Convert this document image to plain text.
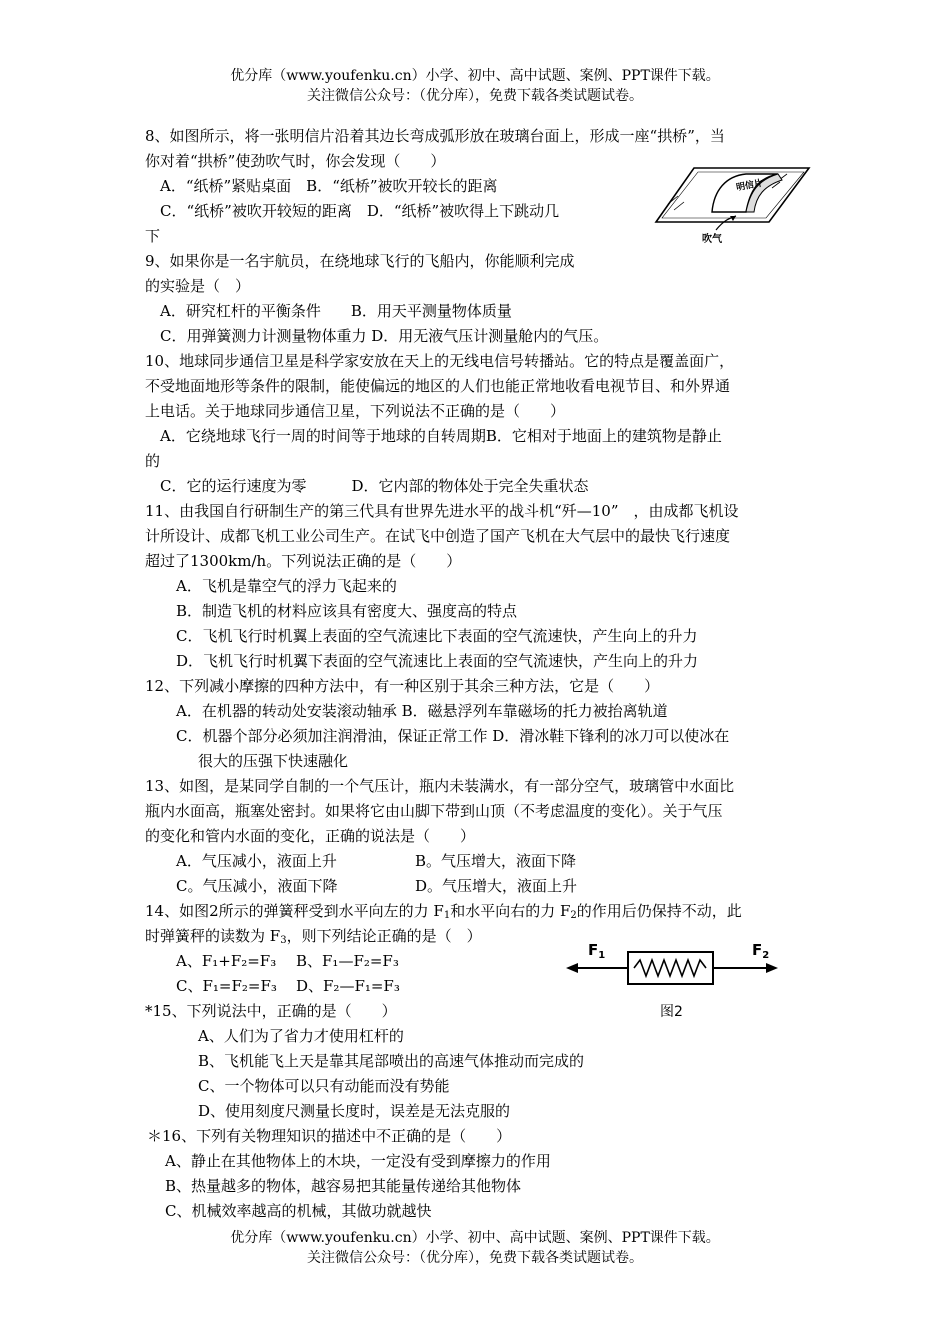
优分库（www.youfenku.cn）小学、初中、高中试题、案例、PPT课件下载。
关注微信公众号：（优分库），免费下载各类试题试卷。
8、如图所示，将一张明信片沿着其边长弯成弧形放在玻璃台面上，形成一座“拱桥”，当
你对着“拱桥”使劲吹气时，你会发现（　　）
A．“纸桥”紧贴桌面　B．“纸桥”被吹开较长的距离
C．“纸桥”被吹开较短的距离　D．“纸桥”被吹得上下跳动几
下
明信片
吹气
9、如果你是一名宇航员，在绕地球飞行的飞船内，你能顺利完成
的实验是（　）
A．研究杠杆的平衡条件　　B．用天平测量物体质量
C．用弹簧测力计测量物体重力 D．用无液气压计测量舱内的气压。
10、地球同步通信卫星是科学家安放在天上的无线电信号转播站。它的特点是覆盖面广，
不受地面地形等条件的限制，能使偏远的地区的人们也能正常地收看电视节目、和外界通
上电话。关于地球同步通信卫星，下列说法不正确的是（　　）
A．它绕地球飞行一周的时间等于地球的自转周期B．它相对于地面上的建筑物是静止
的
C．它的运行速度为零　　　D．它内部的物体处于完全失重状态
11、由我国自行研制生产的第三代具有世界先进水平的战斗机“歼—10”　，由成都飞机设
计所设计、成都飞机工业公司生产。在试飞中创造了国产飞机在大气层中的最快飞行速度
超过了1300km/h。下列说法正确的是（　　）
A．飞机是靠空气的浮力飞起来的
B．制造飞机的材料应该具有密度大、强度高的特点
C．飞机飞行时机翼上表面的空气流速比下表面的空气流速快，产生向上的升力
D．飞机飞行时机翼下表面的空气流速比上表面的空气流速快，产生向上的升力
12、下列减小摩擦的四种方法中，有一种区别于其余三种方法，它是（　　）
A．在机器的转动处安装滚动轴承 B．磁悬浮列车靠磁场的托力被抬离轨道
C．机器个部分必须加注润滑油，保证正常工作 D．滑冰鞋下锋利的冰刀可以使冰在
很大的压强下快速融化
13、如图，是某同学自制的一个气压计，瓶内未装满水，有一部分空气，玻璃管中水面比
瓶内水面高，瓶塞处密封。如果将它由山脚下带到山顶（不考虑温度的变化）。关于气压
的变化和管内水面的变化，正确的说法是（　　）
A．气压减小，液面上升	B。气压增大，液面下降
C。气压减小，液面下降	D。气压增大，液面上升
14、如图2所示的弹簧秤受到水平向左的力 $F_1$和水平向右的力 $F_2$的作用后仍保持不动，此
时弹簧秤的读数为 $F_3$，则下列结论正确的是（　）
A、F₁+F₂=F₃ B、F₁—F₂=F₃
C、F₁=F₂=F₃ D、F₂—F₁=F₃
$F_1$	$F_2$
图2
*15、下列说法中，正确的是（　　）
A、人们为了省力才使用杠杆的
B、飞机能飞上天是靠其尾部喷出的高速气体推动而完成的
C、一个物体可以只有动能而没有势能
D、使用刻度尺测量长度时，误差是无法克服的
＊16、下列有关物理知识的描述中不正确的是（　　）
A、静止在其他物体上的木块，一定没有受到摩擦力的作用
B、热量越多的物体，越容易把其能量传递给其他物体
C、机械效率越高的机械，其做功就越快
优分库（www.youfenku.cn）小学、初中、高中试题、案例、PPT课件下载。
关注微信公众号：（优分库），免费下载各类试题试卷。
